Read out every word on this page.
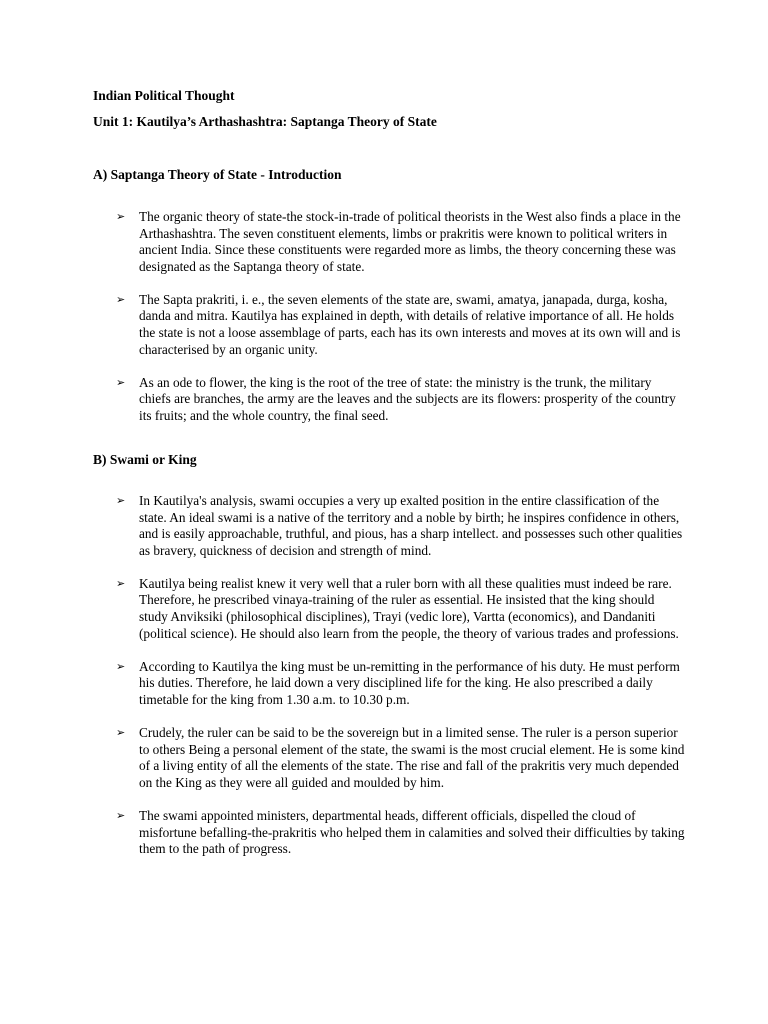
Indian Political Thought
Unit 1: Kautilya’s Arthashashtra: Saptanga Theory of State
A) Saptanga Theory of State - Introduction
➢ The organic theory of state-the stock-in-trade of political theorists in the West also finds a place in the Arthashashtra. The seven constituent elements, limbs or prakritis were known to political writers in ancient India. Since these constituents were regarded more as limbs, the theory concerning these was designated as the Saptanga theory of state.
➢ The Sapta prakriti, i. e., the seven elements of the state are, swami, amatya, janapada, durga, kosha, danda and mitra. Kautilya has explained in depth, with details of relative importance of all. He holds the state is not a loose assemblage of parts, each has its own interests and moves at its own will and is characterised by an organic unity.
➢ As an ode to flower, the king is the root of the tree of state: the ministry is the trunk, the military chiefs are branches, the army are the leaves and the subjects are its flowers: prosperity of the country its fruits; and the whole country, the final seed.
B) Swami or King
➢ In Kautilya's analysis, swami occupies a very up exalted position in the entire classification of the state. An ideal swami is a native of the territory and a noble by birth; he inspires confidence in others, and is easily approachable, truthful, and pious, has a sharp intellect. and possesses such other qualities as bravery, quickness of decision and strength of mind.
➢ Kautilya being realist knew it very well that a ruler born with all these qualities must indeed be rare. Therefore, he prescribed vinaya-training of the ruler as essential. He insisted that the king should study Anviksiki (philosophical disciplines), Trayi (vedic lore), Vartta (economics), and Dandaniti (political science). He should also learn from the people, the theory of various trades and professions.
➢ According to Kautilya the king must be un-remitting in the performance of his duty. He must perform his duties. Therefore, he laid down a very disciplined life for the king. He also prescribed a daily timetable for the king from 1.30 a.m. to 10.30 p.m.
➢ Crudely, the ruler can be said to be the sovereign but in a limited sense. The ruler is a person superior to others Being a personal element of the state, the swami is the most crucial element. He is some kind of a living entity of all the elements of the state. The rise and fall of the prakritis very much depended on the King as they were all guided and moulded by him.
➢ The swami appointed ministers, departmental heads, different officials, dispelled the cloud of misfortune befalling-the-prakritis who helped them in calamities and solved their difficulties by taking them to the path of progress.
